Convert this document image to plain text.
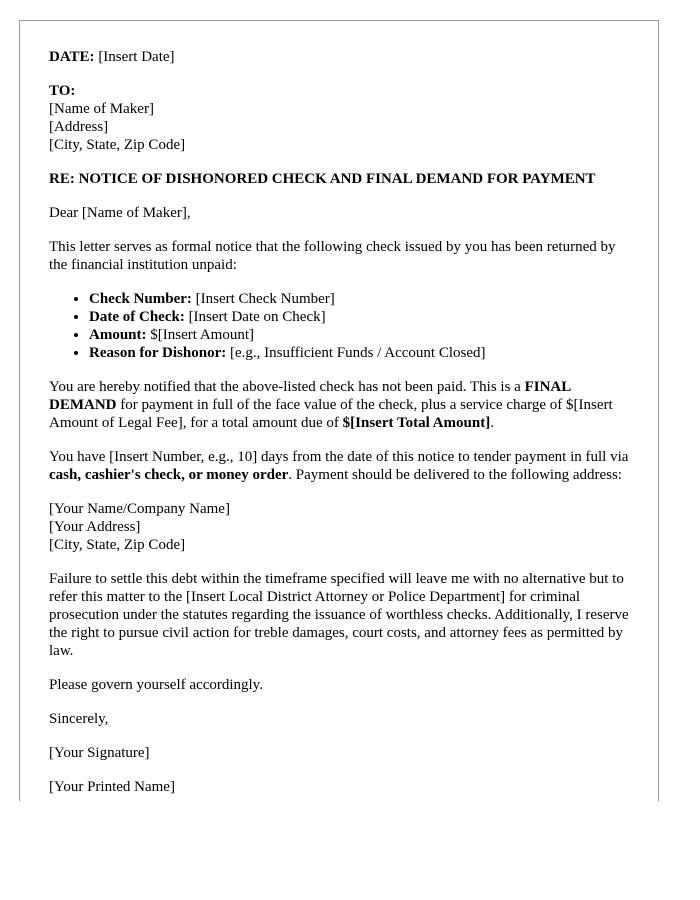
DATE: [Insert Date]

TO:
[Name of Maker]
[Address]
[City, State, Zip Code]

RE: NOTICE OF DISHONORED CHECK AND FINAL DEMAND FOR PAYMENT

Dear [Name of Maker],

This letter serves as formal notice that the following check issued by you has been returned by the financial institution unpaid:

• Check Number: [Insert Check Number]
• Date of Check: [Insert Date on Check]
• Amount: $[Insert Amount]
• Reason for Dishonor: [e.g., Insufficient Funds / Account Closed]

You are hereby notified that the above-listed check has not been paid. This is a FINAL DEMAND for payment in full of the face value of the check, plus a service charge of $[Insert Amount of Legal Fee], for a total amount due of $[Insert Total Amount].

You have [Insert Number, e.g., 10] days from the date of this notice to tender payment in full via cash, cashier's check, or money order. Payment should be delivered to the following address:

[Your Name/Company Name]
[Your Address]
[City, State, Zip Code]

Failure to settle this debt within the timeframe specified will leave me with no alternative but to refer this matter to the [Insert Local District Attorney or Police Department] for criminal prosecution under the statutes regarding the issuance of worthless checks. Additionally, I reserve the right to pursue civil action for treble damages, court costs, and attorney fees as permitted by law.

Please govern yourself accordingly.

Sincerely,

[Your Signature]

[Your Printed Name]
